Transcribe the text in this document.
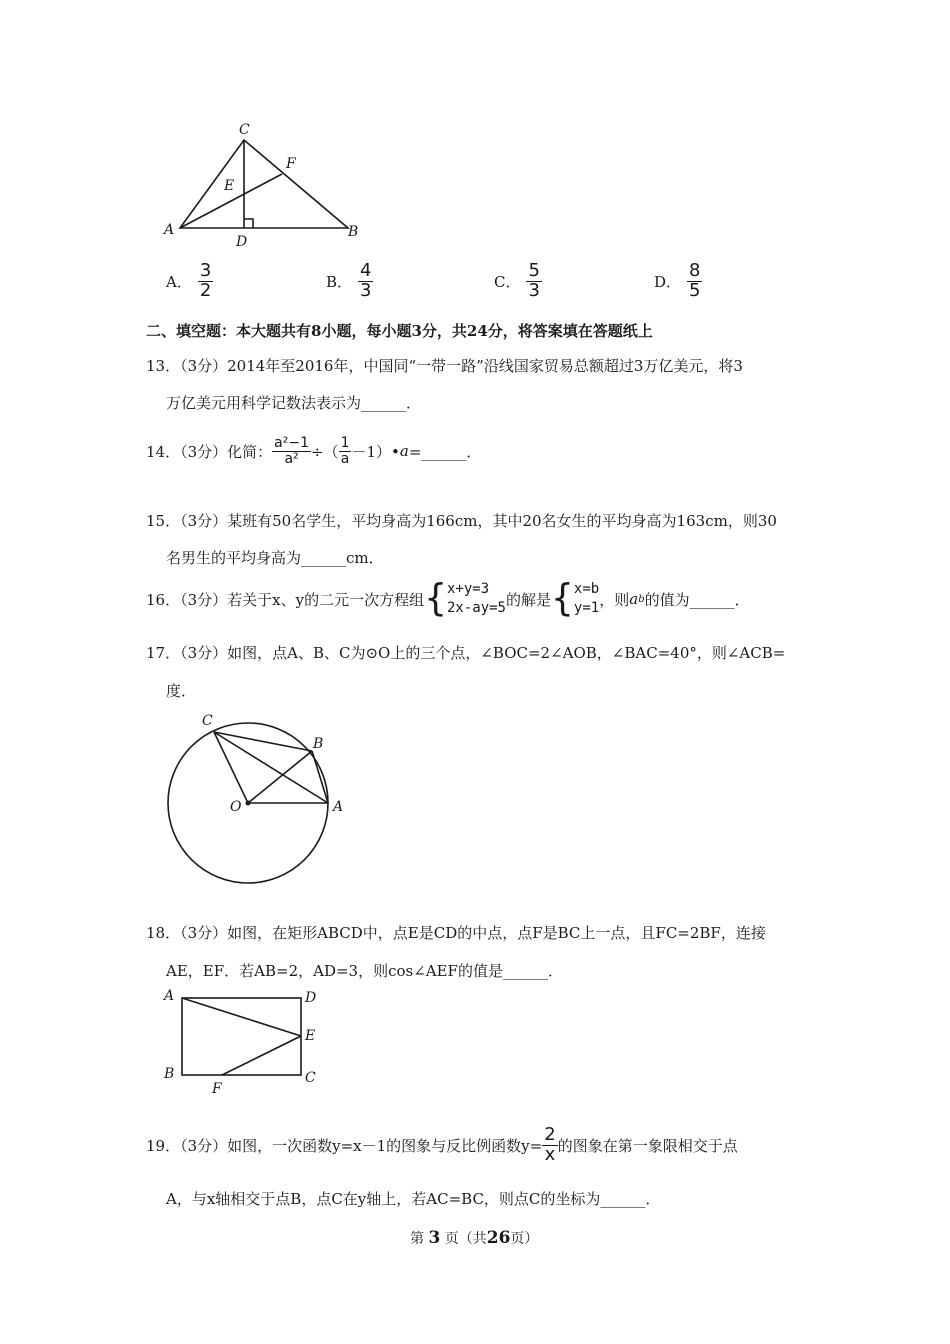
C
F
E
A
D
B
A． $\frac{3}{2}$	B． $\frac{4}{3}$	C． $\frac{5}{3}$	D． $\frac{8}{5}$
二、填空题：本大题共有8小题，每小题3分，共24分，将答案填在答题纸上
13．（3分）2014年至2016年，中国同“一带一路”沿线国家贸易总额超过3万亿美元，将3
万亿美元用科学记数法表示为______．
14．（3分）化简： $\frac{\text{a²−1}}{\text{a²}}$ ÷（ $\frac{1}{a}$ －1）• a =______．
15．（3分）某班有50名学生，平均身高为166cm，其中20名女生的平均身高为163cm，则30
名男生的平均身高为______cm．
16．（3分）若关于x、y的二元一次方程组 { x+y=3
2x-ay=5 的解是 { x=b
y=1 ，则 a b 的值为______．
17．（3分）如图，点A、B、C为⊙O上的三个点，∠BOC=2∠AOB，∠BAC=40°，则∠ACB=
度．
C
B
O	A
18．（3分）如图，在矩形ABCD中，点E是CD的中点，点F是BC上一点，且FC=2BF，连接
AE，EF．若AB=2，AD=3，则cos∠AEF的值是______．
A	D
E
B
F
C
19．（3分）如图，一次函数y=x－1的图象与反比例函数$y= \frac{2}{x}$ 的图象在第一象限相交于点
A，与x轴相交于点B，点C在y轴上，若AC=BC，则点C的坐标为______．
第 3 页（共26页）
